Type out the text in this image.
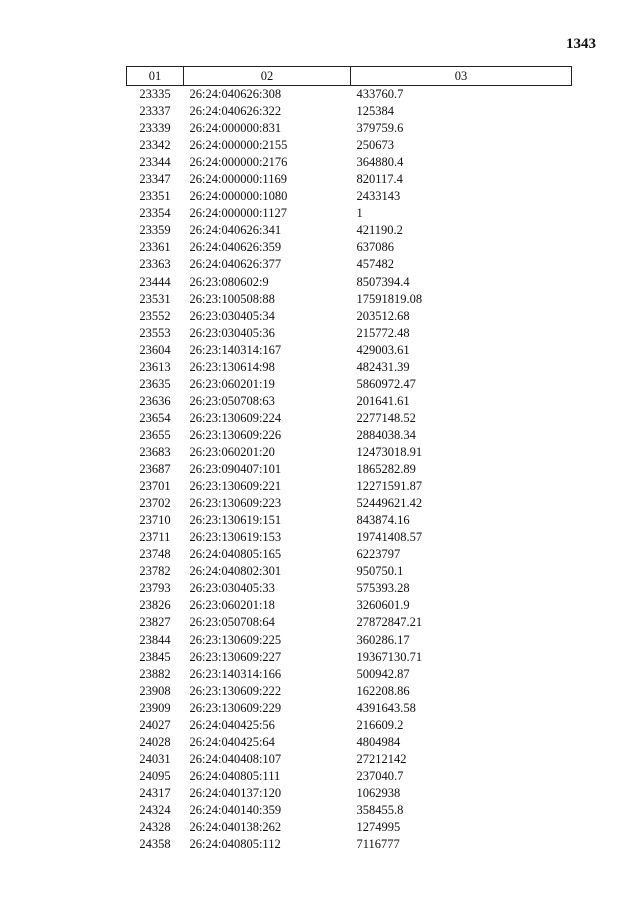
1343
01	02	03
23335	26:24:040626:308	433760.7
23337	26:24:040626:322	125384
23339	26:24:000000:831	379759.6
23342	26:24:000000:2155	250673
23344	26:24:000000:2176	364880.4
23347	26:24:000000:1169	820117.4
23351	26:24:000000:1080	2433143
23354	26:24:000000:1127	1
23359	26:24:040626:341	421190.2
23361	26:24:040626:359	637086
23363	26:24:040626:377	457482
23444	26:23:080602:9	8507394.4
23531	26:23:100508:88	17591819.08
23552	26:23:030405:34	203512.68
23553	26:23:030405:36	215772.48
23604	26:23:140314:167	429003.61
23613	26:23:130614:98	482431.39
23635	26:23:060201:19	5860972.47
23636	26:23:050708:63	201641.61
23654	26:23:130609:224	2277148.52
23655	26:23:130609:226	2884038.34
23683	26:23:060201:20	12473018.91
23687	26:23:090407:101	1865282.89
23701	26:23:130609:221	12271591.87
23702	26:23:130609:223	52449621.42
23710	26:23:130619:151	843874.16
23711	26:23:130619:153	19741408.57
23748	26:24:040805:165	6223797
23782	26:24:040802:301	950750.1
23793	26:23:030405:33	575393.28
23826	26:23:060201:18	3260601.9
23827	26:23:050708:64	27872847.21
23844	26:23:130609:225	360286.17
23845	26:23:130609:227	19367130.71
23882	26:23:140314:166	500942.87
23908	26:23:130609:222	162208.86
23909	26:23:130609:229	4391643.58
24027	26:24:040425:56	216609.2
24028	26:24:040425:64	4804984
24031	26:24:040408:107	27212142
24095	26:24:040805:111	237040.7
24317	26:24:040137:120	1062938
24324	26:24:040140:359	358455.8
24328	26:24:040138:262	1274995
24358	26:24:040805:112	7116777
